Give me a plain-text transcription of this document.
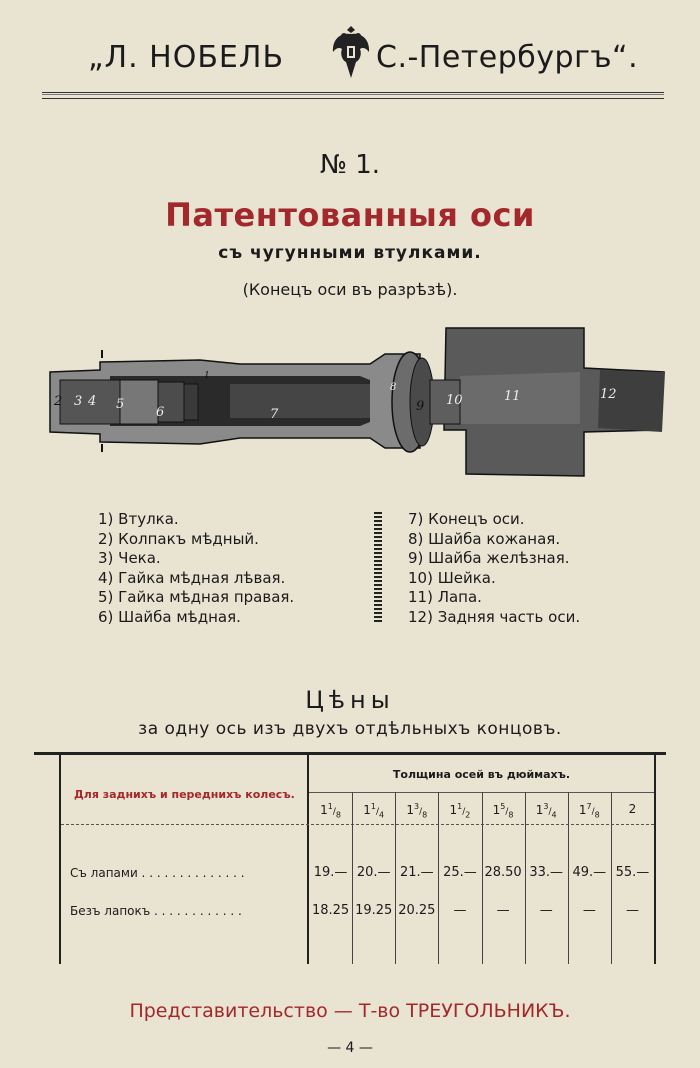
„Л. НОБЕЛЬ	С.-Петербургъ“.
№ 1.
Патентованныя оси
съ чугунными втулками.
(Конецъ оси въ разрѣзѣ).
2 3 4 5
6	7
8
9 10	11	12
1
1) Втулка.
2) Колпакъ мѣдный.
3) Чека.
4) Гайка мѣдная лѣвая.
5) Гайка мѣдная правая.
6) Шайба мѣдная.
7) Конецъ оси.
8) Шайба кожаная.
9) Шайба желѣзная.
10) Шейка.
11) Лапа.
12) Задняя часть оси.
Цѣны
за одну ось изъ двухъ отдѣльныхъ концовъ.
Для заднихъ и переднихъ колесъ.
Толщина осей въ дюймахъ.
$1^1/_8$	$1^1/_4$	$1^3/_8$	$1^1/_2$	$1^5/_8$	$1^3/_4$	$1^7/_8$	2
Съ лапами . . . . . . . . . . . . . .	19.— 20.— 21.— 25.— 28.50 33.— 49.— 55.—
Безъ лапокъ . . . . . . . . . . . .	18.25 19.25 20.25	—	—	—	—	—
Представительство — Т-во ТРЕУГОЛЬНИКЪ.
— 4 —
